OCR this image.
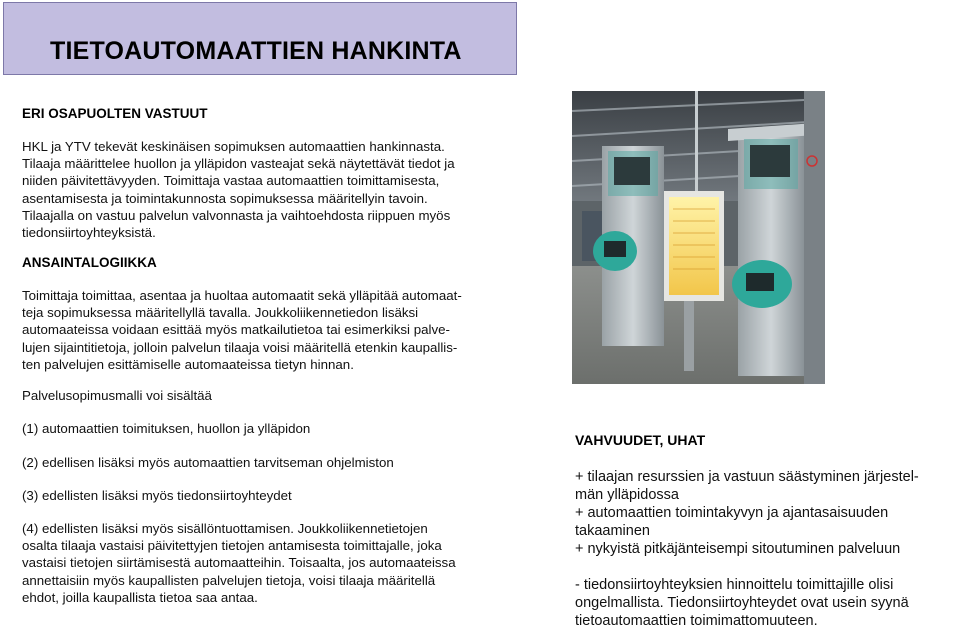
TIETOAUTOMAATTIEN HANKINTA
ERI OSAPUOLTEN VASTUUT
HKL ja YTV tekevät keskinäisen sopimuksen automaattien hankinnasta.
Tilaaja määrittelee huollon ja ylläpidon vasteajat sekä näytettävät tiedot ja
niiden päivitettävyyden. Toimittaja vastaa automaattien toimittamisesta,
asentamisesta ja toimintakunnosta sopimuksessa määritellyin tavoin.
Tilaajalla on vastuu palvelun valvonnasta ja vaihtoehdosta riippuen myös
tiedonsiirtoyhteyksistä.
ANSAINTALOGIIKKA
Toimittaja toimittaa, asentaa ja huoltaa automaatit sekä ylläpitää automaat-
teja sopimuksessa määritellyllä tavalla. Joukkoliikennetiedon lisäksi
automaateissa voidaan esittää myös matkailutietoa tai esimerkiksi palve-
lujen sijaintitietoja, jolloin palvelun tilaaja voisi määritellä etenkin kaupallis-
ten palvelujen esittämiselle automaateissa tietyn hinnan.
Palvelusopimusmalli voi sisältää
(1) automaattien toimituksen, huollon ja ylläpidon
(2) edellisen lisäksi myös automaattien tarvitseman ohjelmiston
(3) edellisten lisäksi myös tiedonsiirtoyhteydet
(4) edellisten lisäksi myös sisällöntuottamisen. Joukkoliikennetietojen
osalta tilaaja vastaisi päivitettyjen tietojen antamisesta toimittajalle, joka
vastaisi tietojen siirtämisestä automaatteihin. Toisaalta, jos automaateissa
annettaisiin myös kaupallisten palvelujen tietoja, voisi tilaaja määritellä
ehdot, joilla kaupallista tietoa saa antaa.
VAHVUUDET, UHAT
+ tilaajan resurssien ja vastuun säästyminen järjestel-
män ylläpidossa
+ automaattien toimintakyvyn ja ajantasaisuuden
takaaminen
+ nykyistä pitkäjänteisempi sitoutuminen palveluun
- tiedonsiirtoyhteyksien hinnoittelu toimittajille olisi
ongelmallista. Tiedonsiirtoyhteydet ovat usein syynä
tietoautomaattien toimimattomuuteen.
